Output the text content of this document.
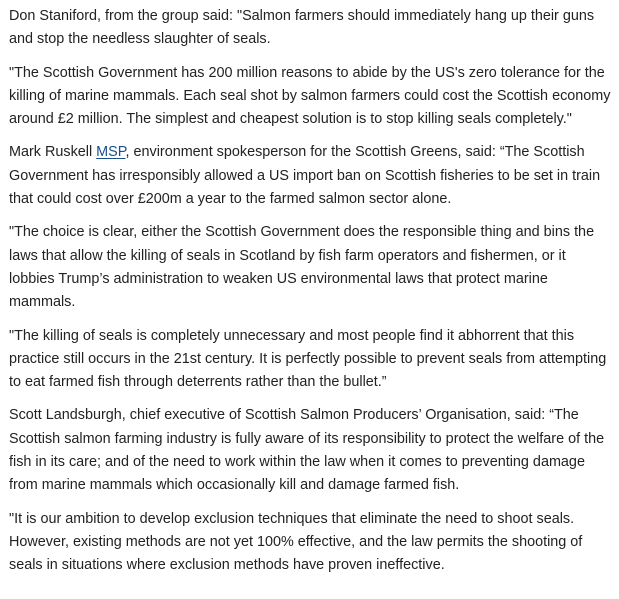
Don Staniford, from the group said: "Salmon farmers should immediately hang up their guns and stop the needless slaughter of seals.

"The Scottish Government has 200 million reasons to abide by the US's zero tolerance for the killing of marine mammals. Each seal shot by salmon farmers could cost the Scottish economy around £2 million. The simplest and cheapest solution is to stop killing seals completely."

Mark Ruskell MSP, environment spokesperson for the Scottish Greens, said: “The Scottish Government has irresponsibly allowed a US import ban on Scottish fisheries to be set in train that could cost over £200m a year to the farmed salmon sector alone.

"The choice is clear, either the Scottish Government does the responsible thing and bins the laws that allow the killing of seals in Scotland by fish farm operators and fishermen, or it lobbies Trump’s administration to weaken US environmental laws that protect marine mammals.

"The killing of seals is completely unnecessary and most people find it abhorrent that this practice still occurs in the 21st century. It is perfectly possible to prevent seals from attempting to eat farmed fish through deterrents rather than the bullet.”

Scott Landsburgh, chief executive of Scottish Salmon Producers’ Organisation, said: “The Scottish salmon farming industry is fully aware of its responsibility to protect the welfare of the fish in its care; and of the need to work within the law when it comes to preventing damage from marine mammals which occasionally kill and damage farmed fish.

"It is our ambition to develop exclusion techniques that eliminate the need to shoot seals. However, existing methods are not yet 100% effective, and the law permits the shooting of seals in situations where exclusion methods have proven ineffective.
